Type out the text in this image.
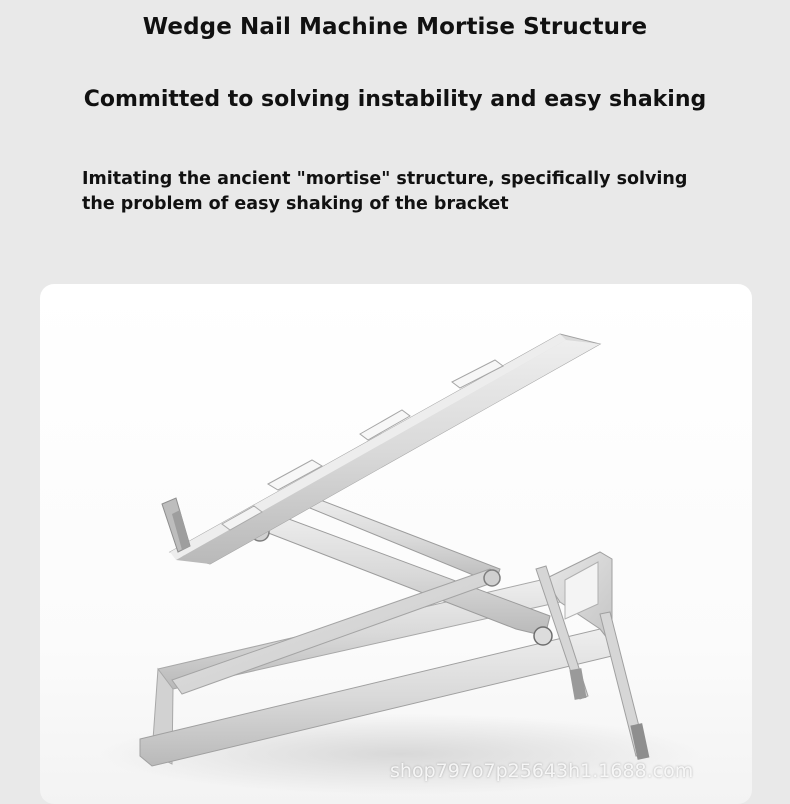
Wedge Nail Machine Mortise Structure
Committed to solving instability and easy shaking
Imitating the ancient "mortise" structure, specifically solving
the problem of easy shaking of the bracket
shop797o7p25643h1.1688.com
